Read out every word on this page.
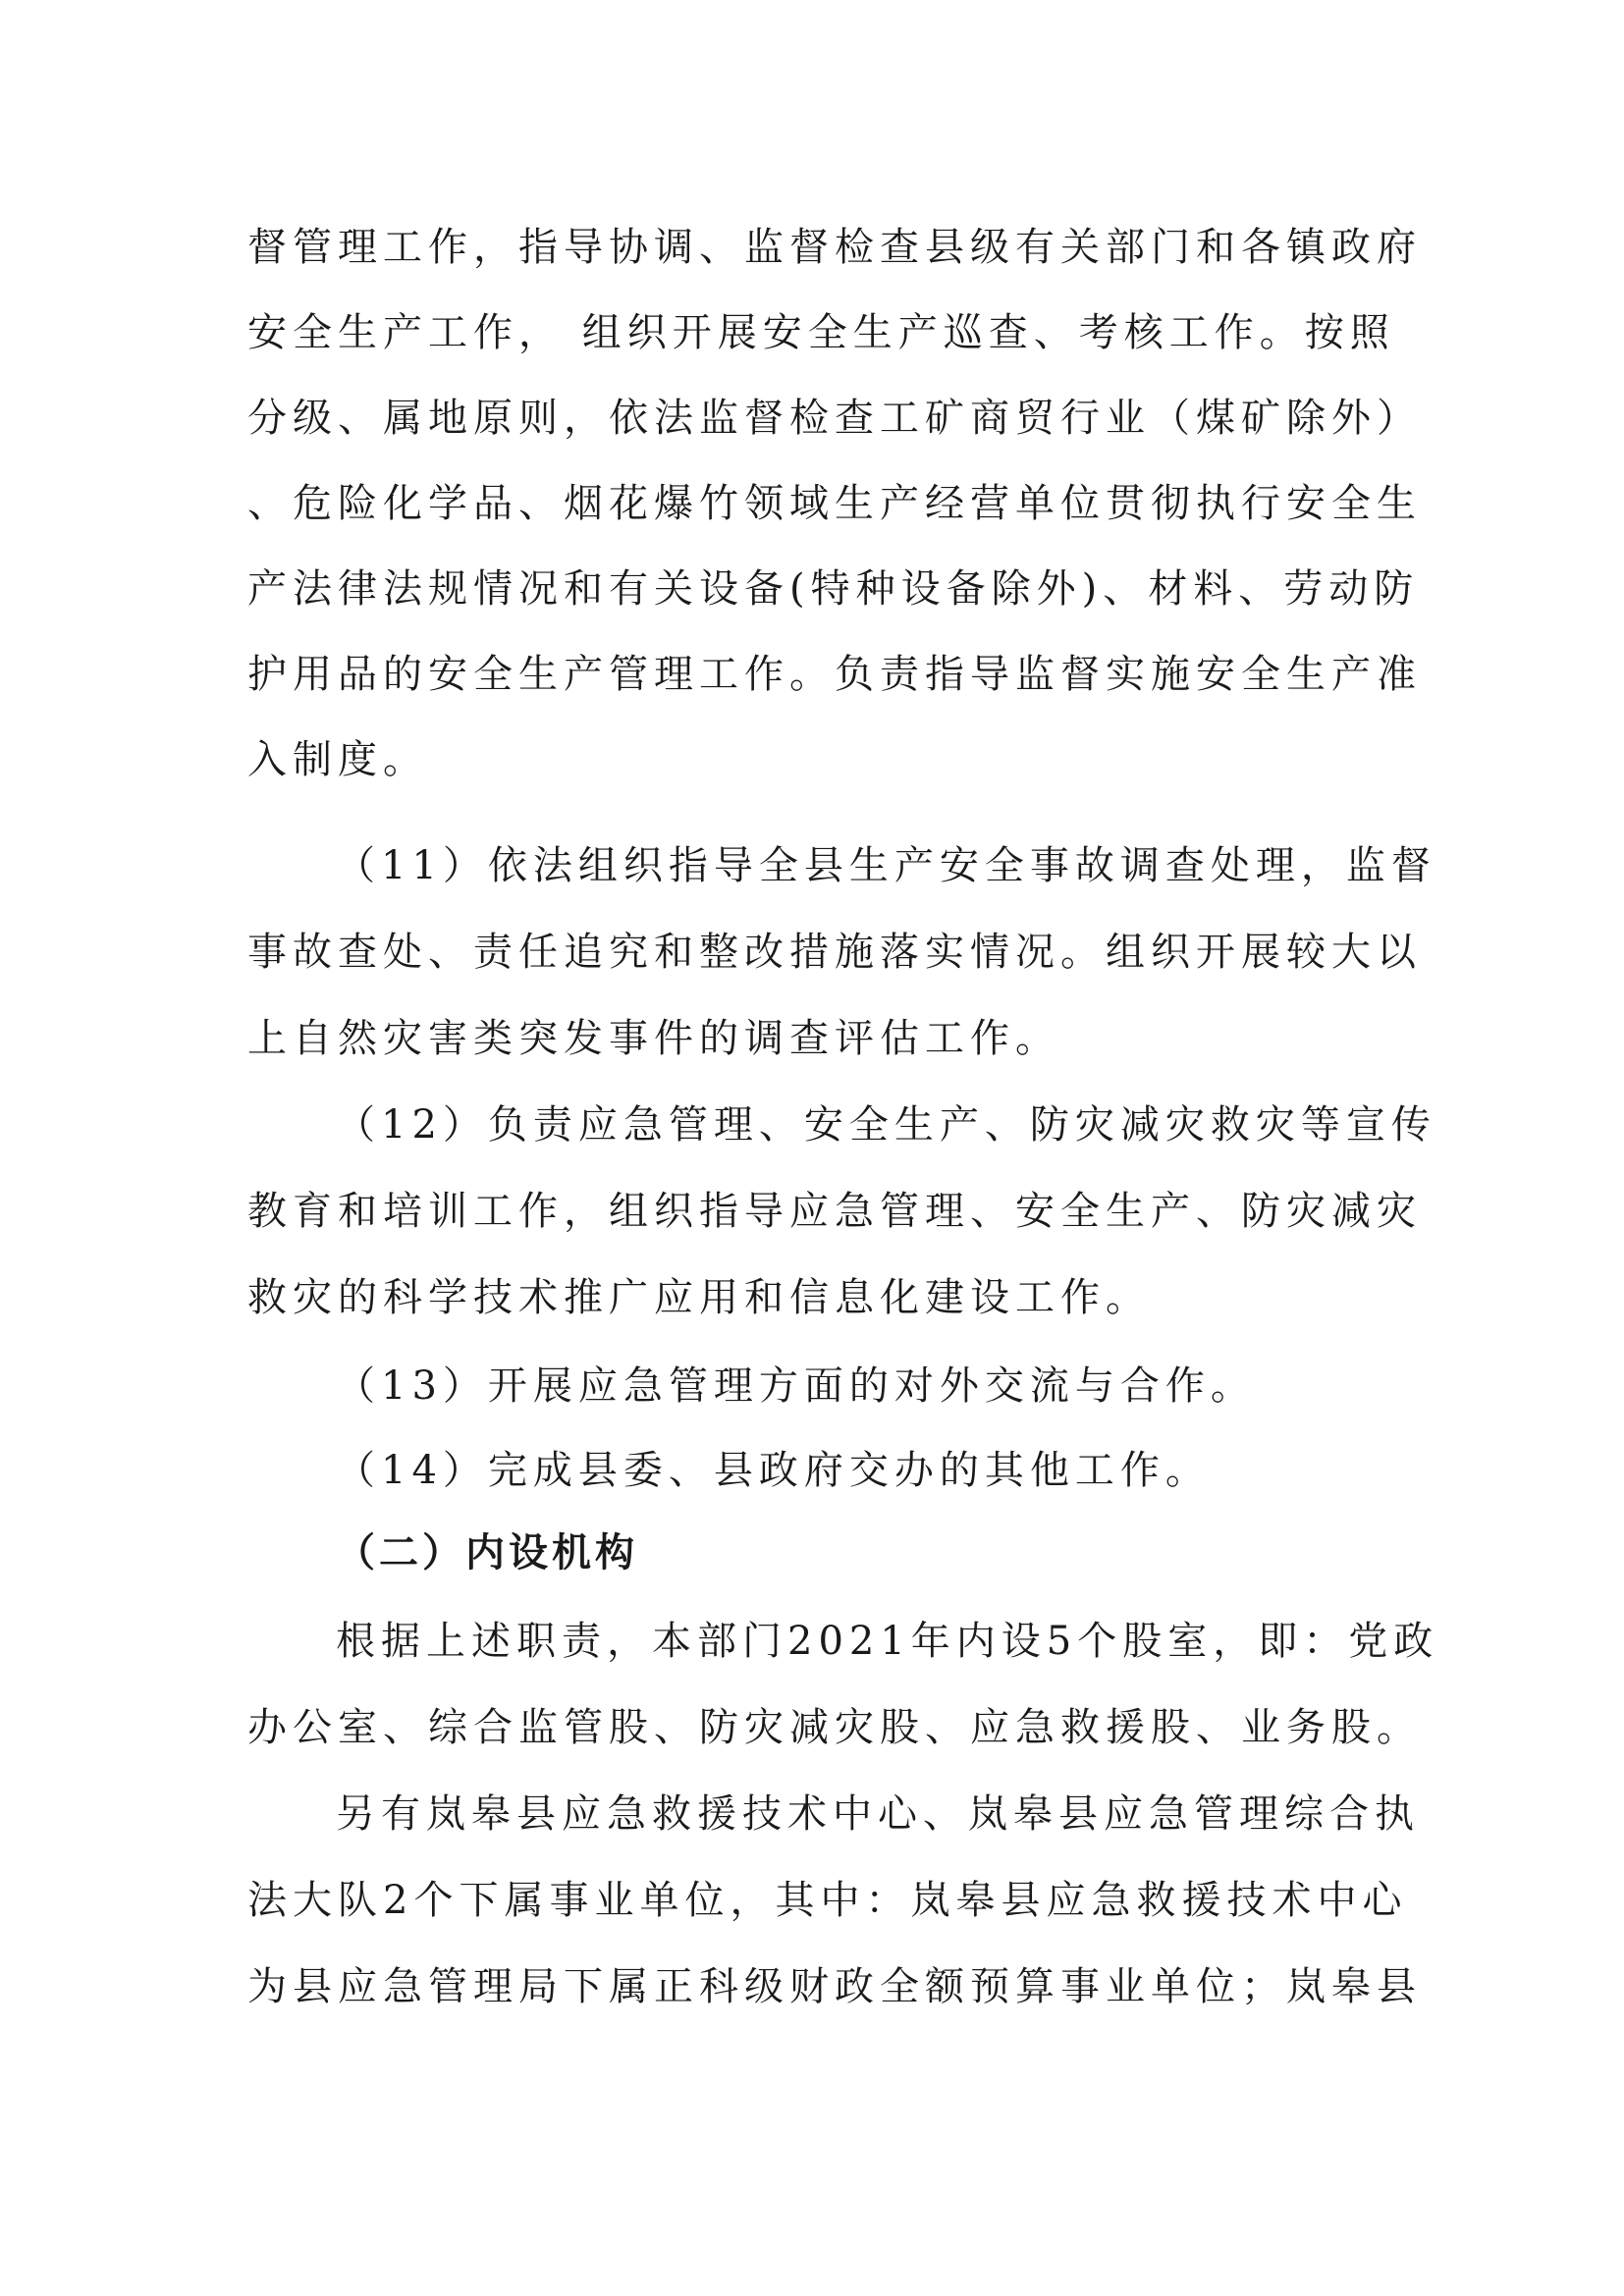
督管理工作，指导协调、监督检查县级有关部门和各镇政府
安全生产工作， 组织开展安全生产巡查、考核工作。按照
分级、属地原则，依法监督检查工矿商贸行业（煤矿除外）
、危险化学品、烟花爆竹领域生产经营单位贯彻执行安全生
产法律法规情况和有关设备(特种设备除外)、材料、劳动防
护用品的安全生产管理工作。负责指导监督实施安全生产准
入制度。
（11）依法组织指导全县生产安全事故调查处理，监督
事故查处、责任追究和整改措施落实情况。组织开展较大以
上自然灾害类突发事件的调查评估工作。
（12）负责应急管理、安全生产、防灾减灾救灾等宣传
教育和培训工作，组织指导应急管理、安全生产、防灾减灾
救灾的科学技术推广应用和信息化建设工作。
（13）开展应急管理方面的对外交流与合作。
（14）完成县委、县政府交办的其他工作。
（二）内设机构
根据上述职责，本部门2021年内设5个股室，即：党政
办公室、综合监管股、防灾减灾股、应急救援股、业务股。
另有岚皋县应急救援技术中心、岚皋县应急管理综合执
法大队2个下属事业单位，其中：岚皋县应急救援技术中心
为县应急管理局下属正科级财政全额预算事业单位；岚皋县
